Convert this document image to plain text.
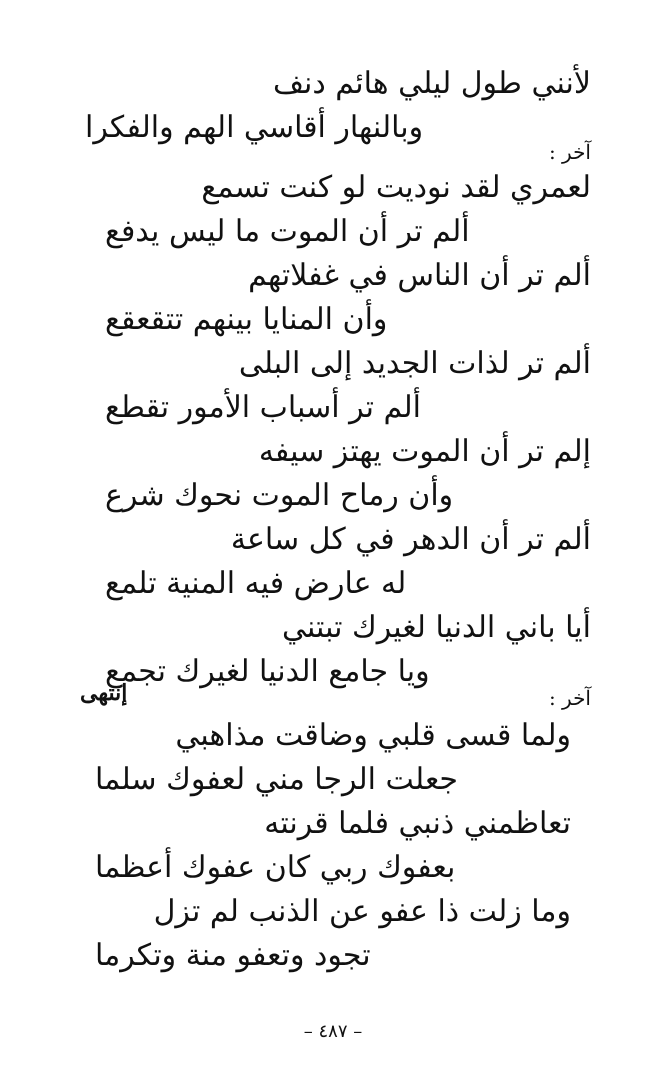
لأنني طول ليلي هائم دنف
وبالنهار أقاسي الهم والفكرا
آخر :
لعمري لقد نوديت لو كنت تسمع
ألم تر أن الموت ما ليس يدفع
ألم تر أن الناس في غفلاتهم
وأن المنايا بينهم تتقعقع
ألم تر لذات الجديد إلى البلى
ألم تر أسباب الأمور تقطع
إلم تر أن الموت يهتز سيفه
وأن رماح الموت نحوك شرع
ألم تر أن الدهر في كل ساعة
له عارض فيه المنية تلمع
أيا باني الدنيا لغيرك تبتني
ويا جامع الدنيا لغيرك تجمع
إنتهى	آخر :
ولما قسى قلبي وضاقت مذاهبي
جعلت الرجا مني لعفوك سلما
تعاظمني ذنبي فلما قرنته
بعفوك ربي كان عفوك أعظما
وما زلت ذا عفو عن الذنب لم تزل
تجود وتعفو منة وتكرما
– ٤٨٧ –
